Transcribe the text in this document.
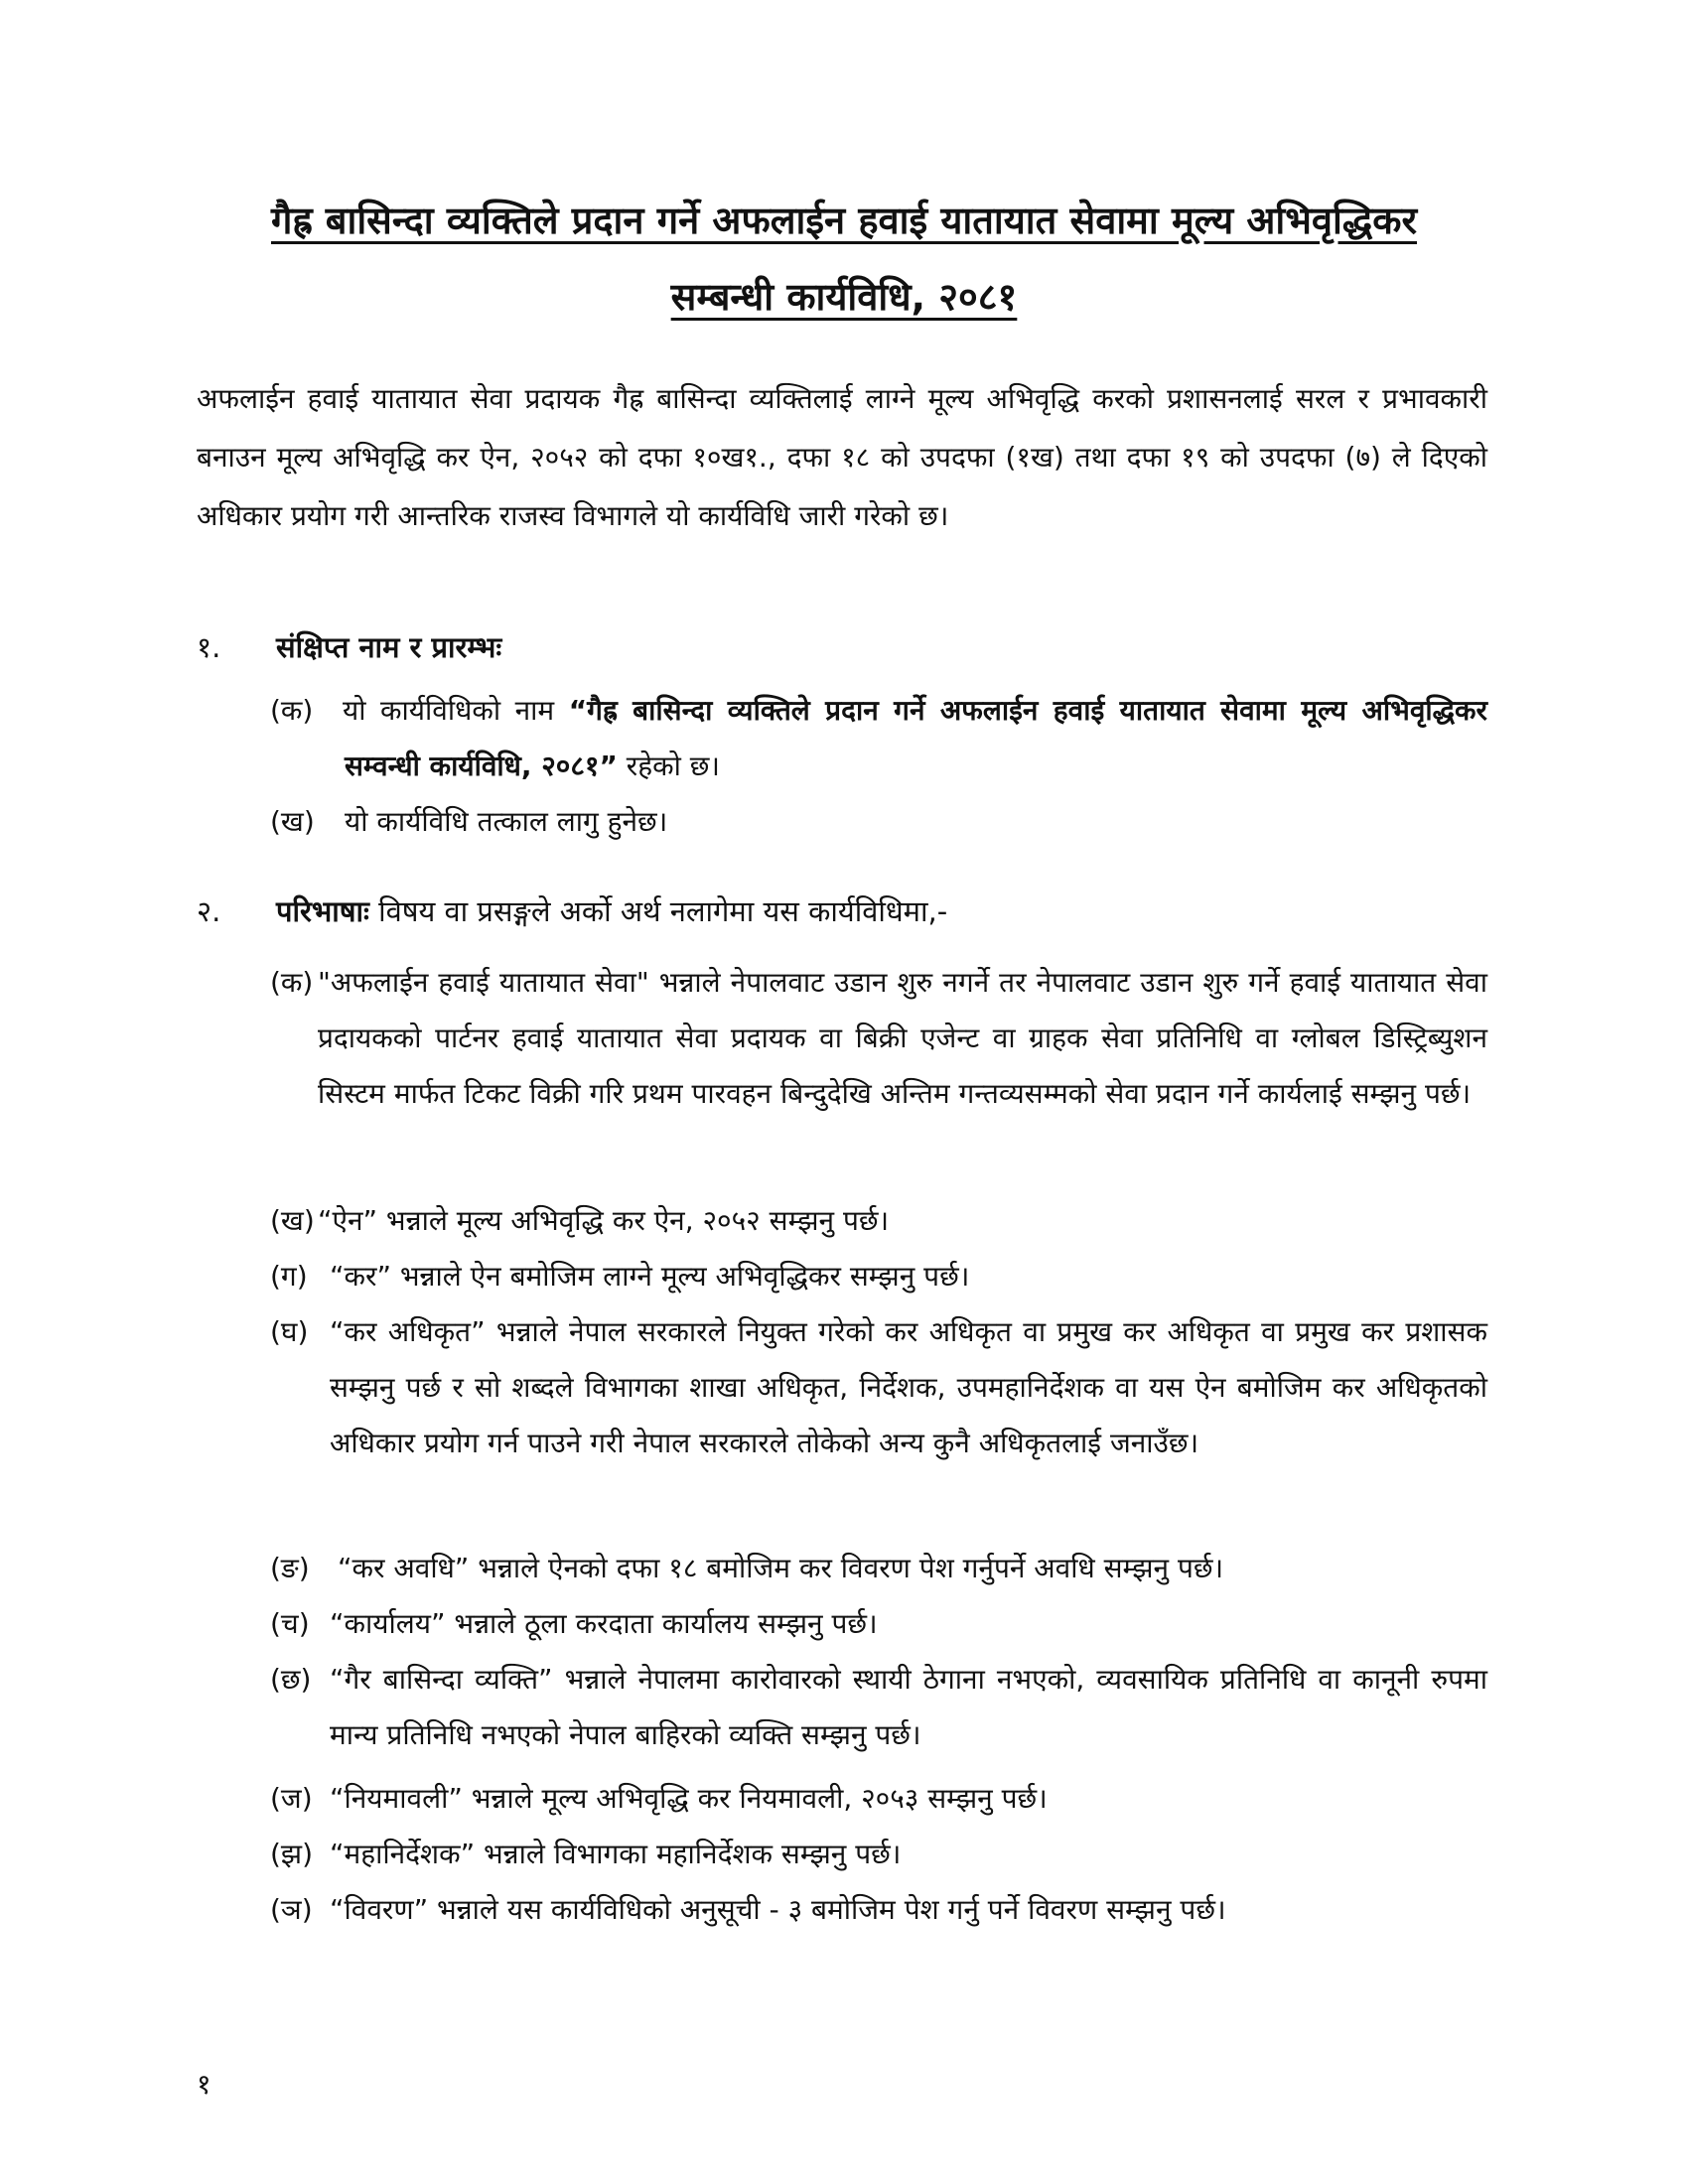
गैह्र बासिन्दा व्यक्तिले प्रदान गर्ने अफलाईन हवाई यातायात सेवामा मूल्य अभिवृद्धिकर
सम्बन्धी कार्यविधि, २०८१
अफलाईन हवाई यातायात सेवा प्रदायक गैह्र बासिन्दा व्यक्तिलाई लाग्ने मूल्य अभिवृद्धि करको प्रशासनलाई सरल र प्रभावकारी बनाउन मूल्य अभिवृद्धि कर ऐन, २०५२ को दफा १०ख१., दफा १८ को उपदफा (१ख) तथा दफा १९ को उपदफा (७) ले दिएको अधिकार प्रयोग गरी आन्तरिक राजस्व विभागले यो कार्यविधि जारी गरेको छ।
१. संक्षिप्त नाम र प्रारम्भः
(क)	यो कार्यविधिको नाम “गैह्र बासिन्दा व्यक्तिले प्रदान गर्ने अफलाईन हवाई यातायात सेवामा मूल्य अभिवृद्धिकर सम्वन्धी कार्यविधि, २०८१” रहेको छ।
(ख)	यो कार्यविधि तत्काल लागु हुनेछ।
२. परिभाषाः विषय वा प्रसङ्गले अर्को अर्थ नलागेमा यस कार्यविधिमा,-
(क) "अफलाईन हवाई यातायात सेवा" भन्नाले नेपालवाट उडान शुरु नगर्ने तर नेपालवाट उडान शुरु गर्ने हवाई यातायात सेवा प्रदायकको पार्टनर हवाई यातायात सेवा प्रदायक वा बिक्री एजेन्ट वा ग्राहक सेवा प्रतिनिधि वा ग्लोबल डिस्ट्रिब्युशन सिस्टम मार्फत टिकट विक्री गरि प्रथम पारवहन बिन्दुदेखि अन्तिम गन्तव्यसम्मको सेवा प्रदान गर्ने कार्यलाई सम्झनु पर्छ।
(ख) “ऐन” भन्नाले मूल्य अभिवृद्धि कर ऐन, २०५२ सम्झनु पर्छ।
(ग) “कर” भन्नाले ऐन बमोजिम लाग्ने मूल्य अभिवृद्धिकर सम्झनु पर्छ।
(घ) “कर अधिकृत” भन्नाले नेपाल सरकारले नियुक्त गरेको कर अधिकृत वा प्रमुख कर अधिकृत वा प्रमुख कर प्रशासक सम्झनु पर्छ र सो शब्दले विभागका शाखा अधिकृत, निर्देशक, उपमहानिर्देशक वा यस ऐन बमोजिम कर अधिकृतको अधिकार प्रयोग गर्न पाउने गरी नेपाल सरकारले तोकेको अन्य कुनै अधिकृतलाई जनाउँछ।
(ङ)	“कर अवधि” भन्नाले ऐनको दफा १८ बमोजिम कर विवरण पेश गर्नुपर्ने अवधि सम्झनु पर्छ।
(च) “कार्यालय” भन्नाले ठूला करदाता कार्यालय सम्झनु पर्छ।
(छ) “गैर बासिन्दा व्यक्ति” भन्नाले नेपालमा कारोवारको स्थायी ठेगाना नभएको, व्यवसायिक प्रतिनिधि वा कानूनी रुपमा मान्य प्रतिनिधि नभएको नेपाल बाहिरको व्यक्ति सम्झनु पर्छ।
(ज) “नियमावली” भन्नाले मूल्य अभिवृद्धि कर नियमावली, २०५३ सम्झनु पर्छ।
(झ) “महानिर्देशक” भन्नाले विभागका महानिर्देशक सम्झनु पर्छ।
(ञ) “विवरण” भन्नाले यस कार्यविधिको अनुसूची - ३ बमोजिम पेश गर्नु पर्ने विवरण सम्झनु पर्छ।
१
